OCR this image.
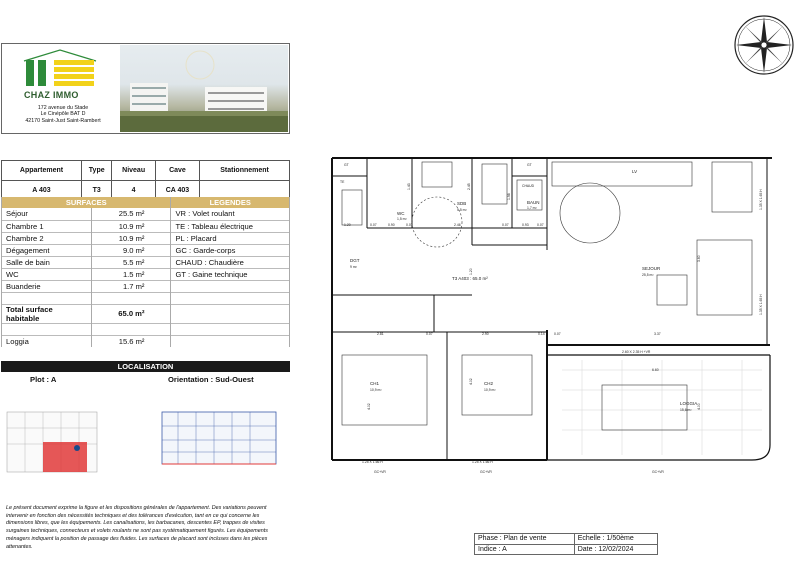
CHAZ IMMO
172 avenue du Stade
Le Cinépôle BAT D
42170 Saint-Just Saint-Rambert
Appartement	Type	Niveau	Cave	Stationnement
A 403	T3	4	CA 403	
SURFACES		LEGENDES
Séjour	25.5 m²	VR : Volet roulant
Chambre 1	10.9 m²	TE : Tableau électrique
Chambre 2	10.9 m²	PL : Placard
Dégagement	9.0 m²	GC : Garde-corps
Salle de bain	5.5 m²	CHAUD : Chaudière
WC	1.5 m²	GT : Gaine technique
Buanderie	1.7 m²	

Total surface habitable	65.0 m²	

Loggia	15.6 m²	
LOCALISATION
Plot : A	Orientation : Sud-Ouest
Le présent document exprime la figure et les dispositions générales de l'appartement. Des variations peuvent intervenir en fonction des nécessités techniques et des tolérances d'exécution, tant en ce qui concerne les dimensions libres, que les équipements. Les canalisations, les barbacanes, descentes EP, trappes de visites surgaines techniques, connecteurs et volets roulants ne sont pas systématiquement figurés. Les équipements ménagers indiquent la position de passage des fluides. Les surfaces de placard sont incluses dans les pièces attenantes.
Phase : Plan de vente	Echelle : 1/50ème
Indice : A	Date : 12/02/2024
T3 A403 : 65.0 m²
SEJOUR
25,5 m²
CH1
10,9 m²
CH2
10,9 m²
SDB
5,5 m²
WC
1,5 m²
BAUN
1,7 m²
DGT
9 m²
LOGGIA
15,6 m²
GT
TE
GT
CHAUD
LV
GC+VR	GC+VR	GC+VR
1.25 X 1.66 H	1.25 X 1.66 H
2.60 X 2.35 H +VR
1.35 X 1.65 H
1.35 X 1.65 H
1.20	0.07	0.90	0.07	2.46	0.07	0.93 0.07
2.81	0.07	2.90	0.14	0.07	3.37
6.60
4.02
4.02
1.20
3.60
4.00
2.45
1.43
1.98
